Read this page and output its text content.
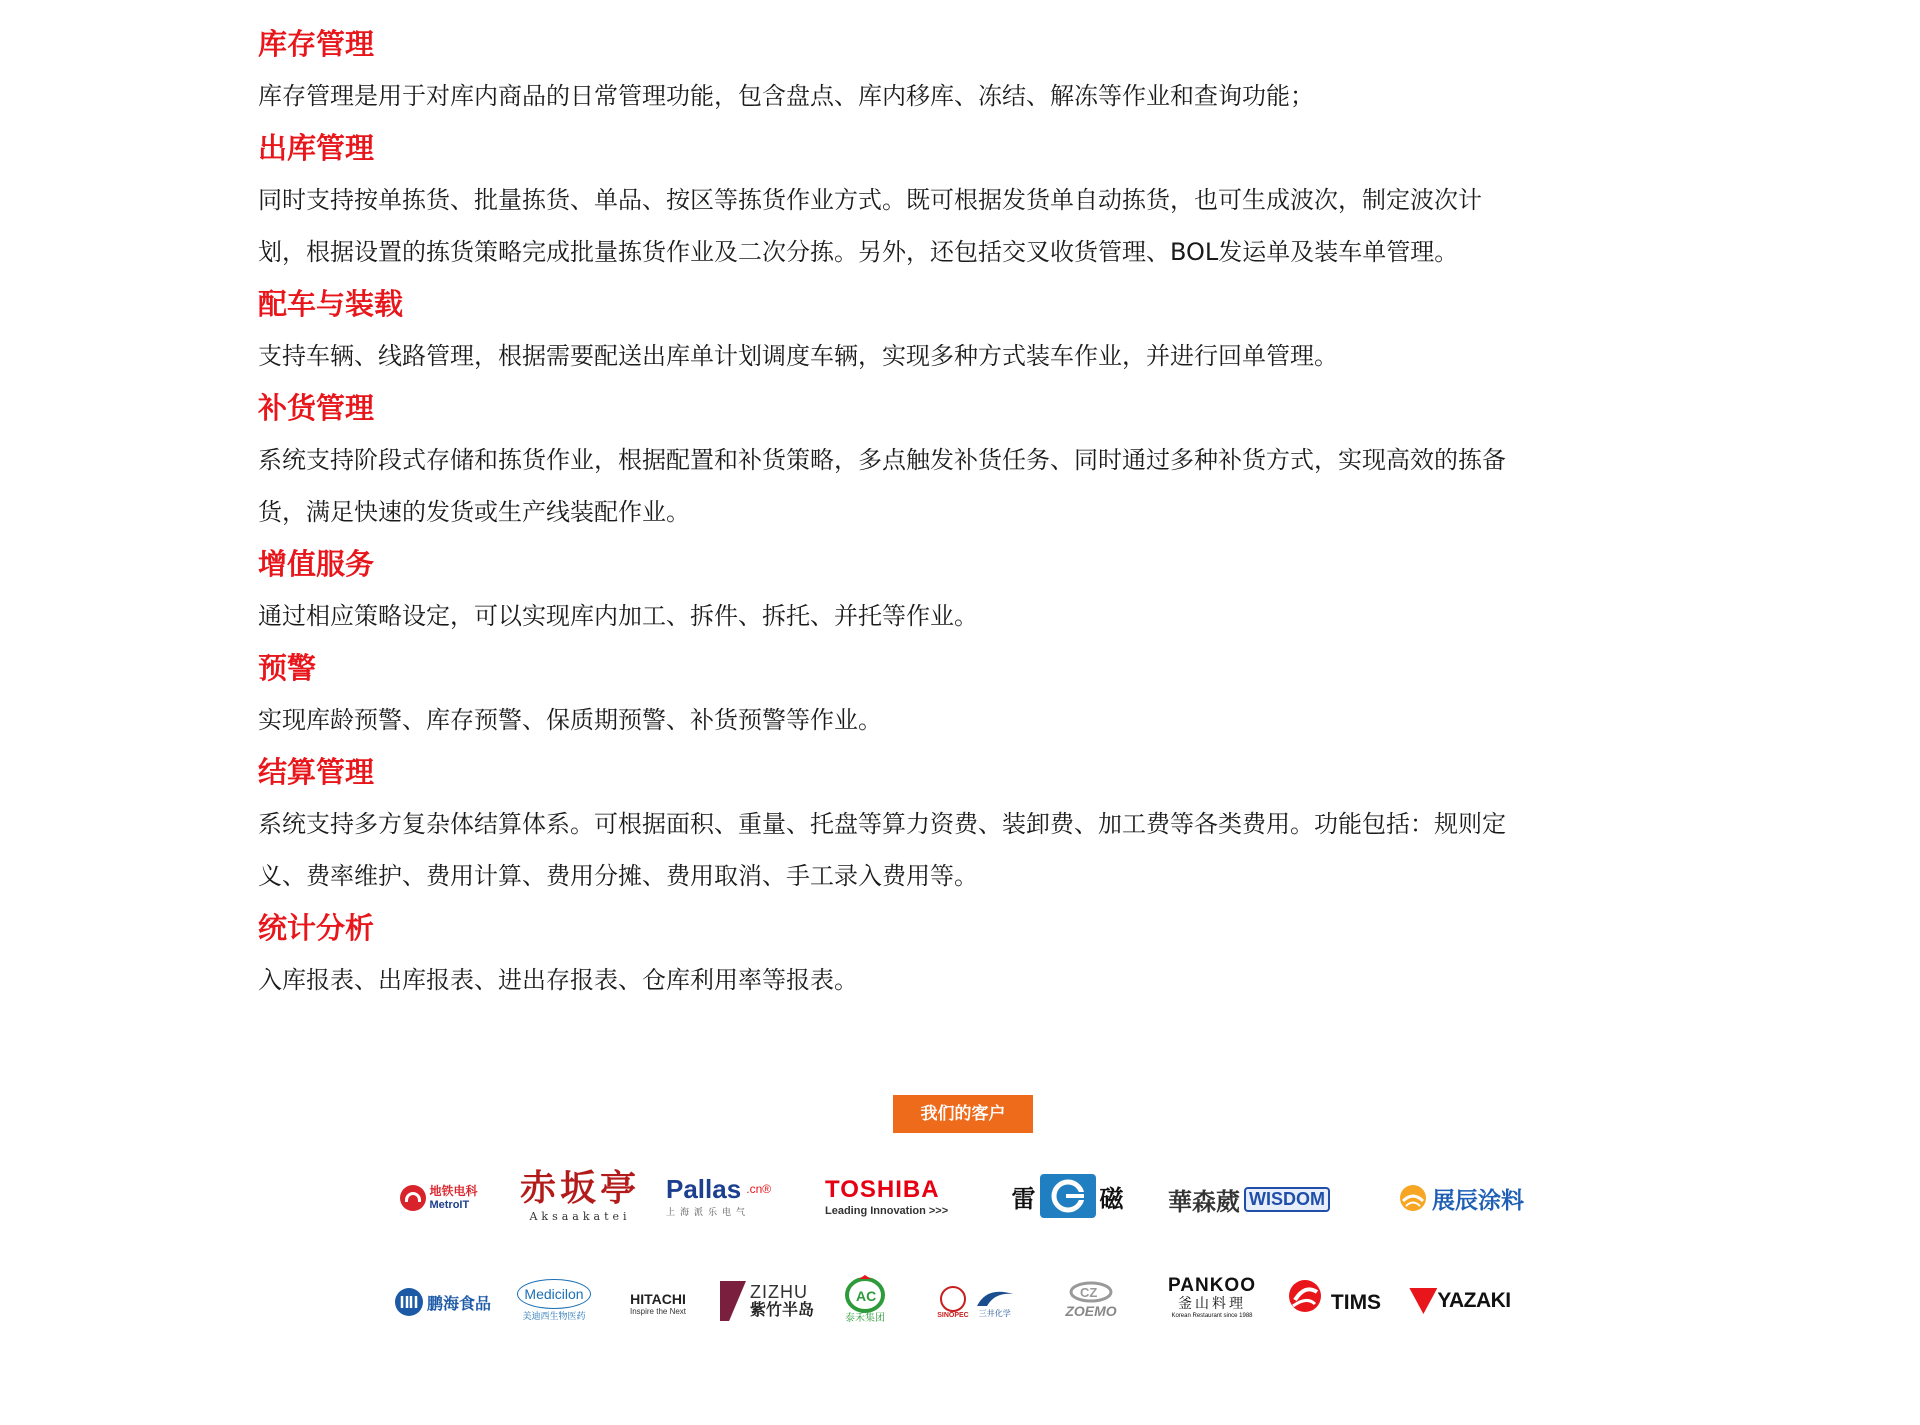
库存管理

库存管理是用于对库内商品的日常管理功能，包含盘点、库内移库、冻结、解冻等作业和查询功能；

出库管理

同时支持按单拣货、批量拣货、单品、按区等拣货作业方式。既可根据发货单自动拣货，也可生成波次，制定波次计

划，根据设置的拣货策略完成批量拣货作业及二次分拣。另外，还包括交叉收货管理、BOL发运单及装车单管理。

配车与装载

支持车辆、线路管理，根据需要配送出库单计划调度车辆，实现多种方式装车作业，并进行回单管理。

补货管理

系统支持阶段式存储和拣货作业，根据配置和补货策略，多点触发补货任务、同时通过多种补货方式，实现高效的拣备

货，满足快速的发货或生产线装配作业。

增值服务

通过相应策略设定，可以实现库内加工、拆件、拆托、并托等作业。

预警

实现库龄预警、库存预警、保质期预警、补货预警等作业。

结算管理

系统支持多方复杂体结算体系。可根据面积、重量、托盘等算力资费、装卸费、加工费等各类费用。功能包括：规则定

义、费率维护、费用计算、费用分摊、费用取消、手工录入费用等。

统计分析

入库报表、出库报表、进出存报表、仓库利用率等报表。

我们的客户
地铁电科
MetroIT 赤坂亭
Aksaakatei
Pallas $^{.cn®}$
上海派乐电气
TOSHIBA
Leading Innovation >>>	雷	磁 華森葳 WISDOM	展辰涂料
鹏海食品	Medicilon
美迪西生物医药
HITACHI
Inspire the Next
ZIZHU
紫竹半岛
AC
泰禾集团	SINOPEC 三井化学
CZ
ZOEMO
PANKOO
釜山料理
Korean Restaurant since 1988
TIMS	YAZAKI
